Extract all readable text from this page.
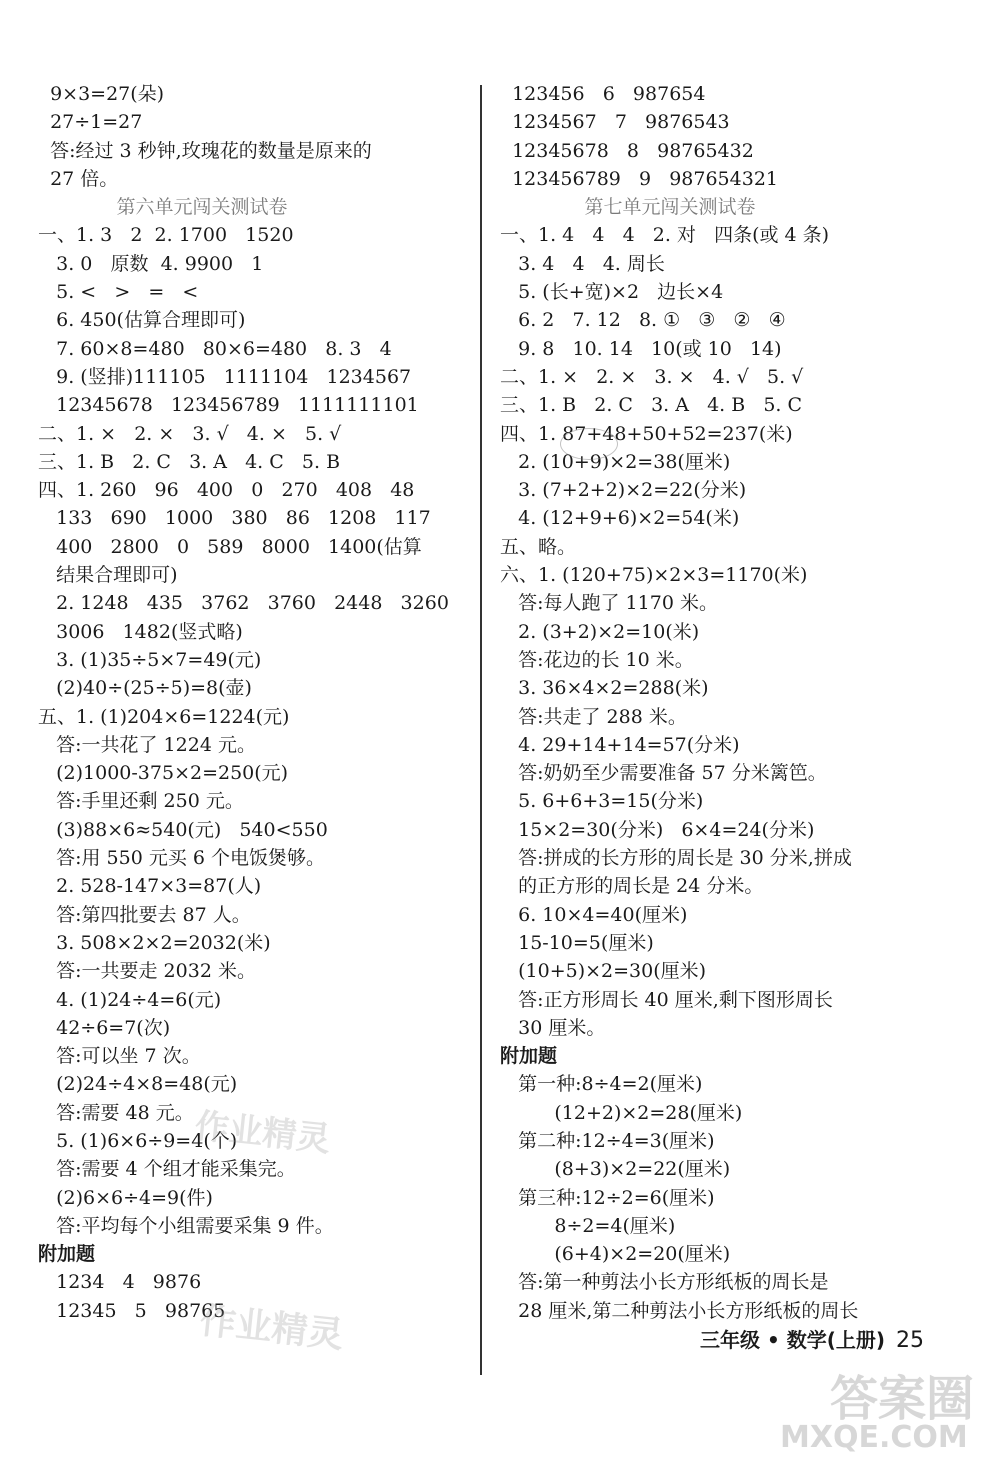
9×3=27(朵)
27÷1=27
答:经过 3 秒钟,玫瑰花的数量是原来的
27 倍。
第六单元闯关测试卷
一、1. 3   2  2. 1700   1520
3. 0   原数  4. 9900   1
5. <   >   =   <
6. 450(估算合理即可)
7. 60×8=480   80×6=480   8. 3   4
9. (竖排)111105   1111104   1234567
12345678   123456789   1111111101
二、1. ×   2. ×   3. √   4. ×   5. √
三、1. B   2. C   3. A   4. C   5. B
四、1. 260   96   400   0   270   408   48
133   690   1000   380   86   1208   117
400   2800   0   589   8000   1400(估算
结果合理即可)
2. 1248   435   3762   3760   2448   3260
3006   1482(竖式略)
3. (1)35÷5×7=49(元)
(2)40÷(25÷5)=8(壶)
五、1. (1)204×6=1224(元)
答:一共花了 1224 元。
(2)1000-375×2=250(元)
答:手里还剩 250 元。
(3)88×6≈540(元)   540<550
答:用 550 元买 6 个电饭煲够。
2. 528-147×3=87(人)
答:第四批要去 87 人。
3. 508×2×2=2032(米)
答:一共要走 2032 米。
4. (1)24÷4=6(元)
42÷6=7(次)
答:可以坐 7 次。
(2)24÷4×8=48(元)
答:需要 48 元。
5. (1)6×6÷9=4(个)
答:需要 4 个组才能采集完。
(2)6×6÷4=9(件)
答:平均每个小组需要采集 9 件。
附加题
1234   4   9876
12345   5   98765
123456   6   987654
1234567   7   9876543
12345678   8   98765432
123456789   9   987654321
第七单元闯关测试卷
一、1. 4   4   4   2. 对   四条(或 4 条)
3. 4   4   4. 周长
5. (长+宽)×2   边长×4
6. 2   7. 12   8. ①   ③   ②   ④
9. 8   10. 14   10(或 10   14)
二、1. ×   2. ×   3. ×   4. √   5. √
三、1. B   2. C   3. A   4. B   5. C
四、1. 87+48+50+52=237(米)
2. (10+9)×2=38(厘米)
3. (7+2+2)×2=22(分米)
4. (12+9+6)×2=54(米)
五、略。
六、1. (120+75)×2×3=1170(米)
答:每人跑了 1170 米。
2. (3+2)×2=10(米)
答:花边的长 10 米。
3. 36×4×2=288(米)
答:共走了 288 米。
4. 29+14+14=57(分米)
答:奶奶至少需要准备 57 分米篱笆。
5. 6+6+3=15(分米)
15×2=30(分米)   6×4=24(分米)
答:拼成的长方形的周长是 30 分米,拼成
的正方形的周长是 24 分米。
6. 10×4=40(厘米)
15-10=5(厘米)
(10+5)×2=30(厘米)
答:正方形周长 40 厘米,剩下图形周长
30 厘米。
附加题
第一种:8÷4=2(厘米)
(12+2)×2=28(厘米)
第二种:12÷4=3(厘米)
(8+3)×2=22(厘米)
第三种:12÷2=6(厘米)
8÷2=4(厘米)
(6+4)×2=20(厘米)
答:第一种剪法小长方形纸板的周长是
28 厘米,第二种剪法小长方形纸板的周长
三年级 • 数学(上册) 25
作业精灵
作业精灵
答案圈
MXQE.COM
